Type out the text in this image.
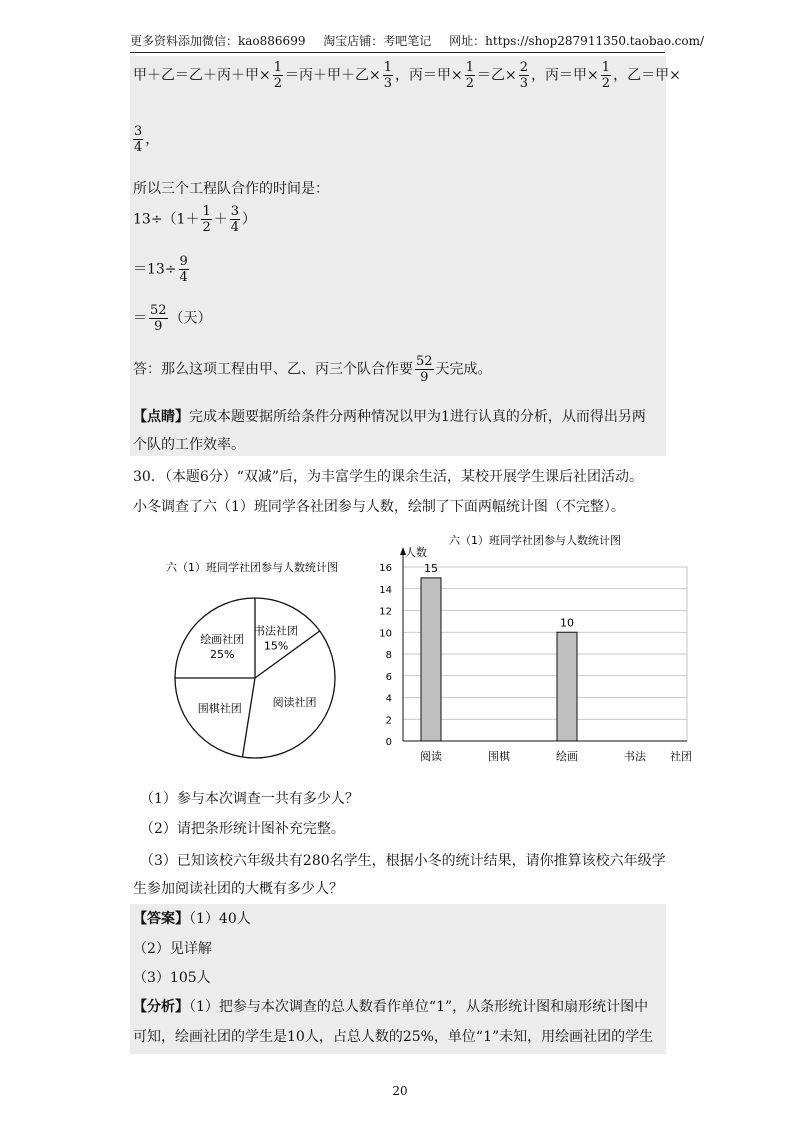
更多资料添加微信：kao886699 淘宝店铺：考吧笔记 网址：https://shop287911350.taobao.com/
甲＋乙＝乙＋丙＋甲× $\frac{1}{2}$ ＝丙＋甲＋乙× $\frac{1}{3}$ ，丙＝甲× $\frac{1}{2}$ ＝乙× $\frac{2}{3}$ ，丙＝甲× $\frac{1}{2}$ ，乙＝甲×
$\frac{3}{4}$ ，
所以三个工程队合作的时间是：
$13\div(1+ \frac{1}{2} + \frac{3}{4}$ ）
$=13\div \frac{9}{4}$
＝ $\frac{52}{9}$ （天）
答：那么这项工程由甲、乙、丙三个队合作要 $\frac{52}{9}$ 天完成。
【点睛】完成本题要据所给条件分两种情况以甲为1进行认真的分析，从而得出另两
个队的工作效率。
30．（本题6分）“双减”后，为丰富学生的课余生活，某校开展学生课后社团活动。
小冬调查了六（1）班同学各社团参与人数，绘制了下面两幅统计图（不完整）。
六（1）班同学社团参与人数统计图
书法社团
15%
阅读社团
围棋社团
绘画社团
25%
六（1）班同学社团参与人数统计图
人数
0
2
4
6
8
10
12
14
16	15
阅读	围棋
10
绘画	书法 社团
（1）参与本次调查一共有多少人？
（2）请把条形统计图补充完整。
（3）已知该校六年级共有280名学生，根据小冬的统计结果，请你推算该校六年级学
生参加阅读社团的大概有多少人？
【答案】（1）40人
（2）见详解
（3）105人
【分析】（1）把参与本次调查的总人数看作单位“1”，从条形统计图和扇形统计图中
可知，绘画社团的学生是10人，占总人数的25%，单位“1”未知，用绘画社团的学生
20
